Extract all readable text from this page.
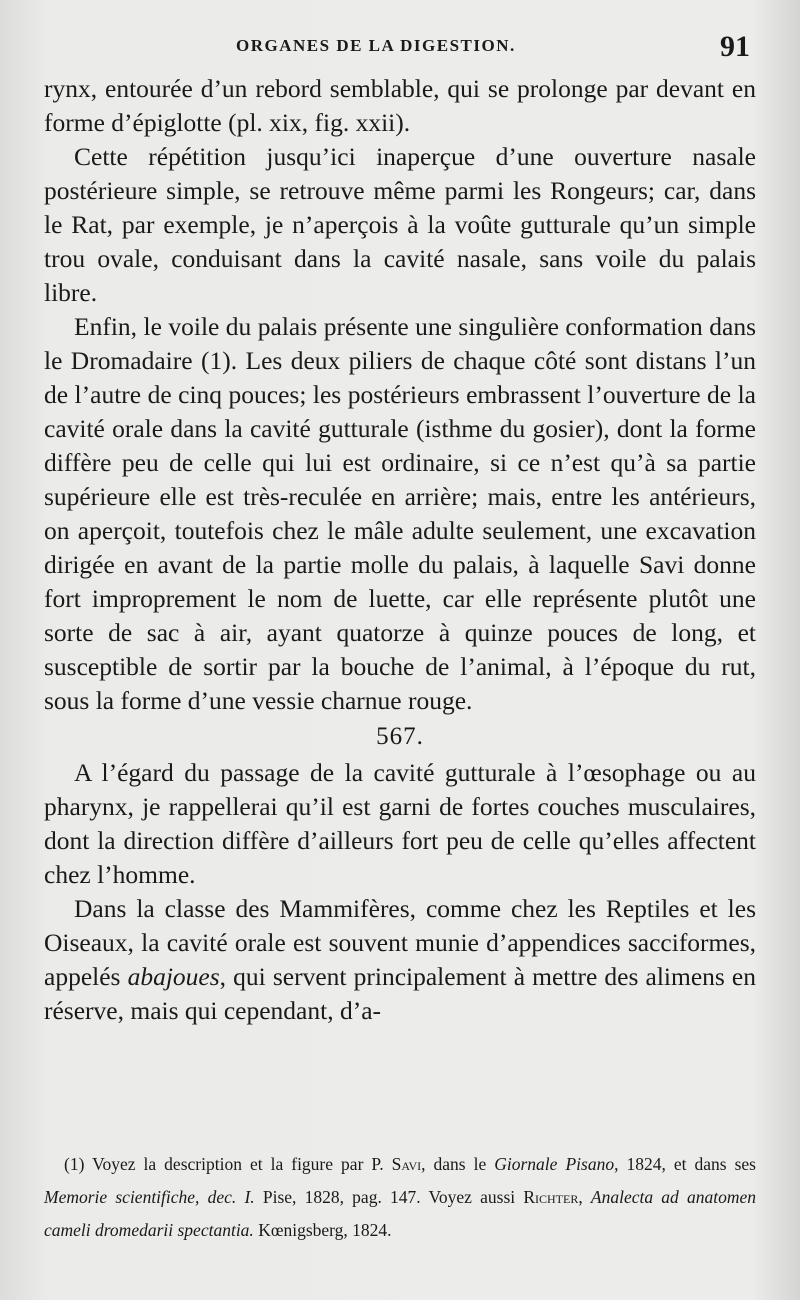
ORGANES DE LA DIGESTION.	91

rynx, entourée d’un rebord semblable, qui se prolonge par devant en forme d’épiglotte (pl. xix, fig. xxii).

Cette répétition jusqu’ici inaperçue d’une ouverture nasale postérieure simple, se retrouve même parmi les Rongeurs; car, dans le Rat, par exemple, je n’aperçois à la voûte gutturale qu’un simple trou ovale, conduisant dans la cavité nasale, sans voile du palais libre.

Enfin, le voile du palais présente une singulière conformation dans le Dromadaire (1). Les deux piliers de chaque côté sont distans l’un de l’autre de cinq pouces; les postérieurs embrassent l’ouverture de la cavité orale dans la cavité gutturale (isthme du gosier), dont la forme diffère peu de celle qui lui est ordinaire, si ce n’est qu’à sa partie supérieure elle est très-reculée en arrière; mais, entre les antérieurs, on aperçoit, toutefois chez le mâle adulte seulement, une excavation dirigée en avant de la partie molle du palais, à laquelle Savi donne fort improprement le nom de luette, car elle représente plutôt une sorte de sac à air, ayant quatorze à quinze pouces de long, et susceptible de sortir par la bouche de l’animal, à l’époque du rut, sous la forme d’une vessie charnue rouge.

567.

A l’égard du passage de la cavité gutturale à l’œsophage ou au pharynx, je rappellerai qu’il est garni de fortes couches musculaires, dont la direction diffère d’ailleurs fort peu de celle qu’elles affectent chez l’homme.

Dans la classe des Mammifères, comme chez les Reptiles et les Oiseaux, la cavité orale est souvent munie d’appendices sacciformes, appelés abajoues, qui servent principalement à mettre des alimens en réserve, mais qui cependant, d’a-

(1) Voyez la description et la figure par P. Savi, dans le Giornale Pisano, 1824, et dans ses Memorie scientifiche, dec. I. Pise, 1828, pag. 147. Voyez aussi Richter, Analecta ad anatomen cameli dromedarii spectantia. Kœnigsberg, 1824.
